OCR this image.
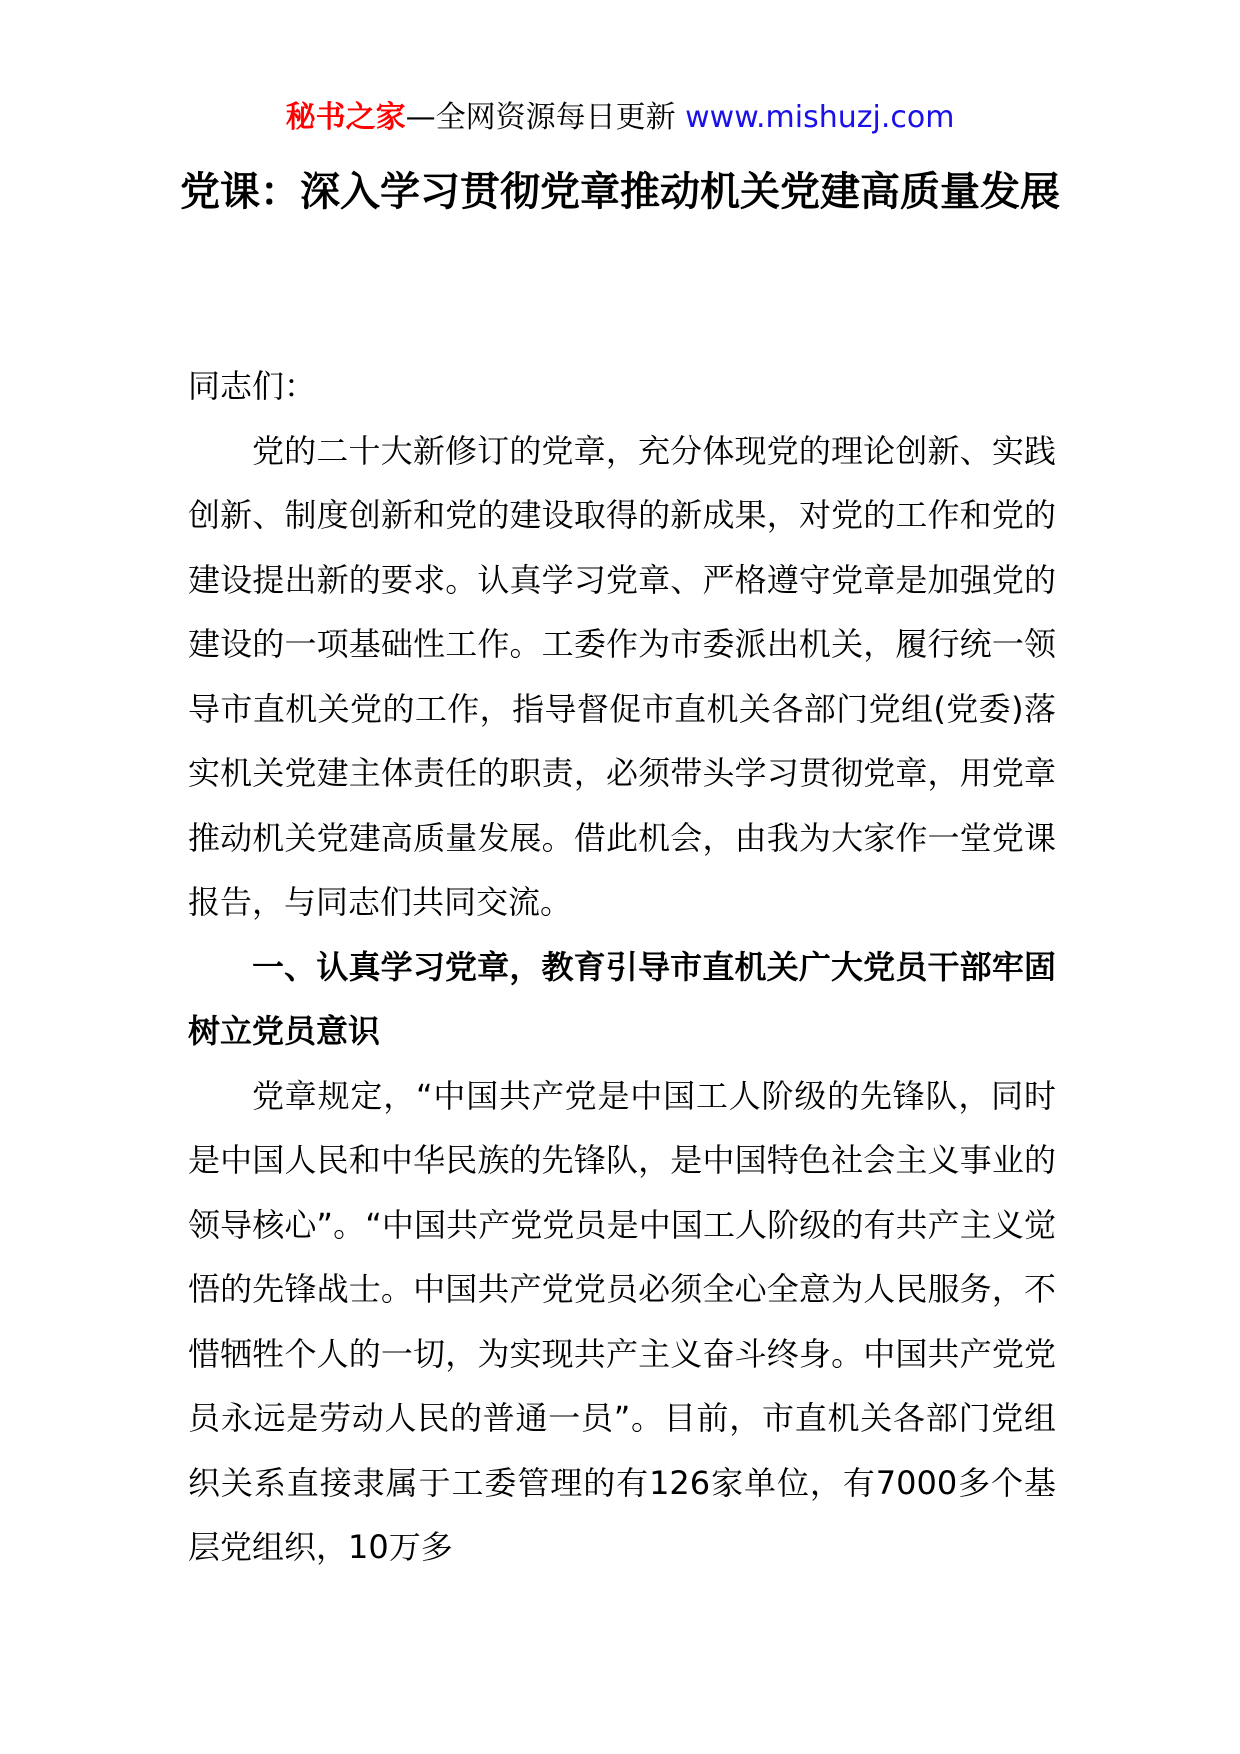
秘书之家—全网资源每日更新 www.mishuzj.com
党课：深入学习贯彻党章推动机关党建高质量发展

同志们：

党的二十大新修订的党章，充分体现党的理论创新、实践创新、制度创新和党的建设取得的新成果，对党的工作和党的建设提出新的要求。认真学习党章、严格遵守党章是加强党的建设的一项基础性工作。工委作为市委派出机关，履行统一领导市直机关党的工作，指导督促市直机关各部门党组(党委)落实机关党建主体责任的职责，必须带头学习贯彻党章，用党章推动机关党建高质量发展。借此机会，由我为大家作一堂党课报告，与同志们共同交流。

一、认真学习党章，教育引导市直机关广大党员干部牢固树立党员意识

党章规定，“中国共产党是中国工人阶级的先锋队，同时是中国人民和中华民族的先锋队，是中国特色社会主义事业的领导核心”。“中国共产党党员是中国工人阶级的有共产主义觉悟的先锋战士。中国共产党党员必须全心全意为人民服务，不惜牺牲个人的一切，为实现共产主义奋斗终身。中国共产党党员永远是劳动人民的普通一员”。目前，市直机关各部门党组织关系直接隶属于工委管理的有126家单位，有7000多个基层党组织，10万多
